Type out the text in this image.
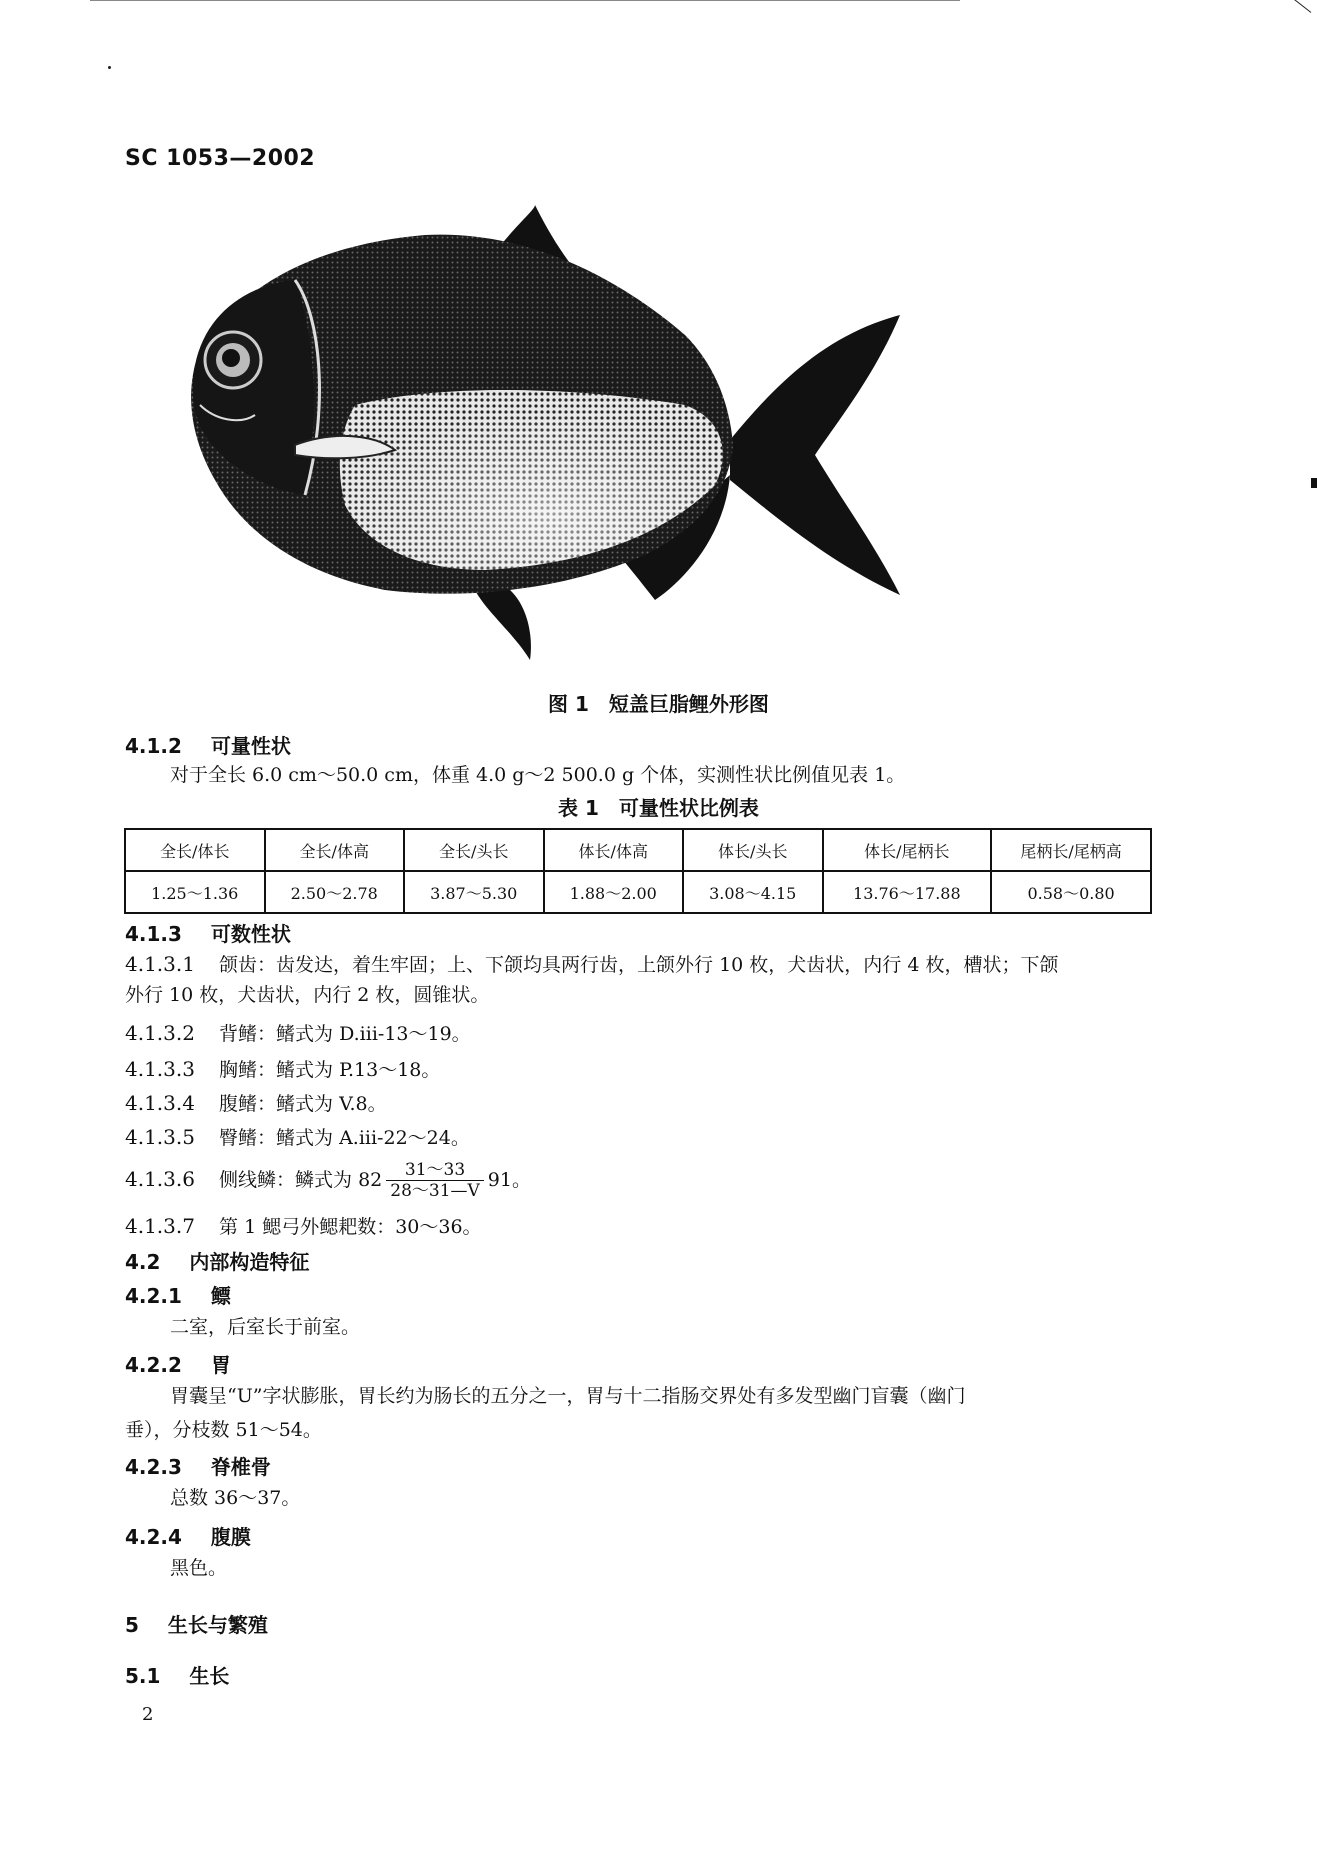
SC 1053—2002
图 1　短盖巨脂鲤外形图
4.1.2 可量性状
对于全长 6.0 cm～50.0 cm，体重 4.0 g～2 500.0 g 个体，实测性状比例值见表 1。
表 1　可量性状比例表
全长/体长	全长/体高	全长/头长	体长/体高	体长/头长	体长/尾柄长	尾柄长/尾柄高
1.25～1.36	2.50～2.78	3.87～5.30	1.88～2.00	3.08～4.15	13.76～17.88	0.58～0.80
4.1.3 可数性状
4.1.3.1 颌齿：齿发达，着生牢固；上、下颌均具两行齿，上颌外行 10 枚，犬齿状，内行 4 枚，槽状；下颌
外行 10 枚，犬齿状，内行 2 枚，圆锥状。
4.1.3.2 背鳍：鳍式为 D.iii-13～19。
4.1.3.3 胸鳍：鳍式为 P.13～18。
4.1.3.4 腹鳍：鳍式为 V.8。
4.1.3.5 臀鳍：鳍式为 A.iii-22～24。
4.1.3.6 侧线鳞：鳞式为 $82 \frac{31\sim 33}{28\sim 31—V} 91$。
4.1.3.7 第 1 鳃弓外鳃耙数：30～36。
4.2 内部构造特征
4.2.1 鳔
二室，后室长于前室。
4.2.2 胃
胃囊呈“U”字状膨胀，胃长约为肠长的五分之一，胃与十二指肠交界处有多发型幽门盲囊（幽门
垂），分枝数 51～54。
4.2.3 脊椎骨
总数 36～37。
4.2.4 腹膜
黑色。
5 生长与繁殖
5.1 生长
2
